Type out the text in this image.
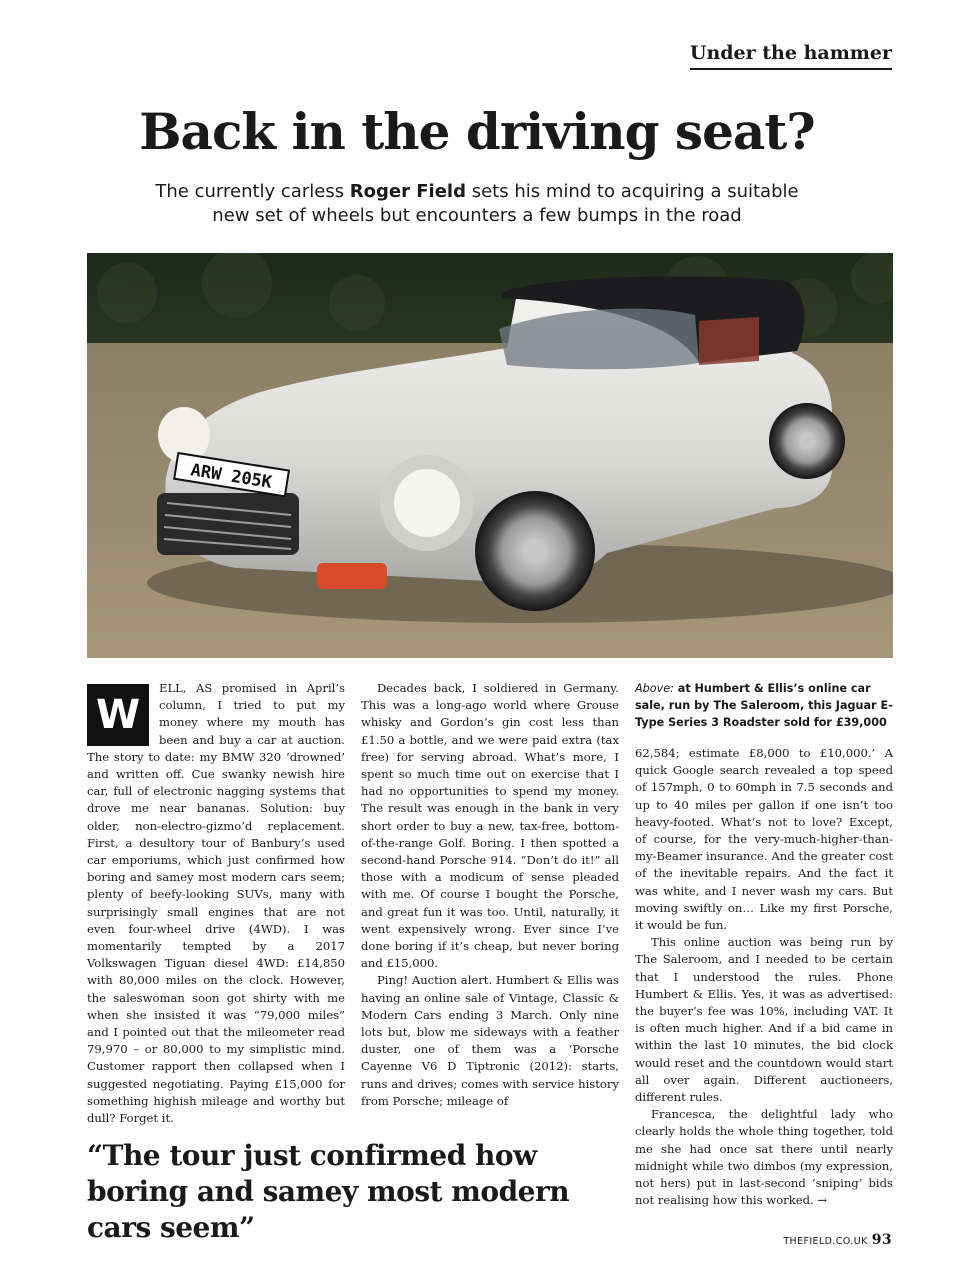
Under the hammer
Back in the driving seat?
The currently carless Roger Field sets his mind to acquiring a suitable new set of wheels but encounters a few bumps in the road
ARW 205K
W

ELL, AS promised in April’s column, I tried to put my money where my mouth has been and buy a car at auction. The story to date: my BMW 320 ‘drowned’ and written off. Cue swanky newish hire car, full of electronic nagging systems that drove me near bananas. Solution: buy older, non-electro-gizmo’d replacement. First, a desultory tour of Banbury’s used car emporiums, which just confirmed how boring and samey most modern cars seem; plenty of beefy-looking SUVs, many with surprisingly small engines that are not even four-wheel drive (4WD). I was momentarily tempted by a 2017 Volkswagen Tiguan diesel 4WD: £14,850 with 80,000 miles on the clock. However, the saleswoman soon got shirty with me when she insisted it was “79,000 miles” and I pointed out that the mileometer read 79,970 – or 80,000 to my simplistic mind. Customer rapport then collapsed when I suggested negotiating. Paying £15,000 for something highish mileage and worthy but dull? Forget it.

Decades back, I soldiered in Germany. This was a long-ago world where Grouse whisky and Gordon’s gin cost less than £1.50 a bottle, and we were paid extra (tax free) for serving abroad. What’s more, I spent so much time out on exercise that I had no opportunities to spend my money. The result was enough in the bank in very short order to buy a new, tax-free, bottom-of-the-range Golf. Boring. I then spotted a second-hand Porsche 914. “Don’t do it!” all those with a modicum of sense pleaded with me. Of course I bought the Porsche, and great fun it was too. Until, naturally, it went expensively wrong. Ever since I’ve done boring if it’s cheap, but never boring and £15,000.

Ping! Auction alert. Humbert & Ellis was having an online sale of Vintage, Classic & Modern Cars ending 3 March. Only nine lots but, blow me sideways with a feather duster, one of them was a ‘Porsche Cayenne V6 D Tiptronic (2012): starts, runs and drives; comes with service history from Porsche; mileage of

Above: at Humbert & Ellis’s online car sale, run by The Saleroom, this Jaguar E-Type Series 3 Roadster sold for £39,000

62,584; estimate £8,000 to £10,000.’ A quick Google search revealed a top speed of 157mph, 0 to 60mph in 7.5 seconds and up to 40 miles per gallon if one isn’t too heavy-footed. What’s not to love? Except, of course, for the very-much-higher-than-my-Beamer insurance. And the greater cost of the inevitable repairs. And the fact it was white, and I never wash my cars. But moving swiftly on… Like my first Porsche, it would be fun.

This online auction was being run by The Saleroom, and I needed to be certain that I understood the rules. Phone Humbert & Ellis. Yes, it was as advertised: the buyer’s fee was 10%, including VAT. It is often much higher. And if a bid came in within the last 10 minutes, the bid clock would reset and the countdown would start all over again. Different auctioneers, different rules.

Francesca, the delightful lady who clearly holds the whole thing together, told me she had once sat there until nearly midnight while two dimbos (my expression, not hers) put in last-second ‘sniping’ bids not realising how this worked. →

“The tour just confirmed how boring and samey most modern cars seem”	THEFIELD.CO.UK 93
